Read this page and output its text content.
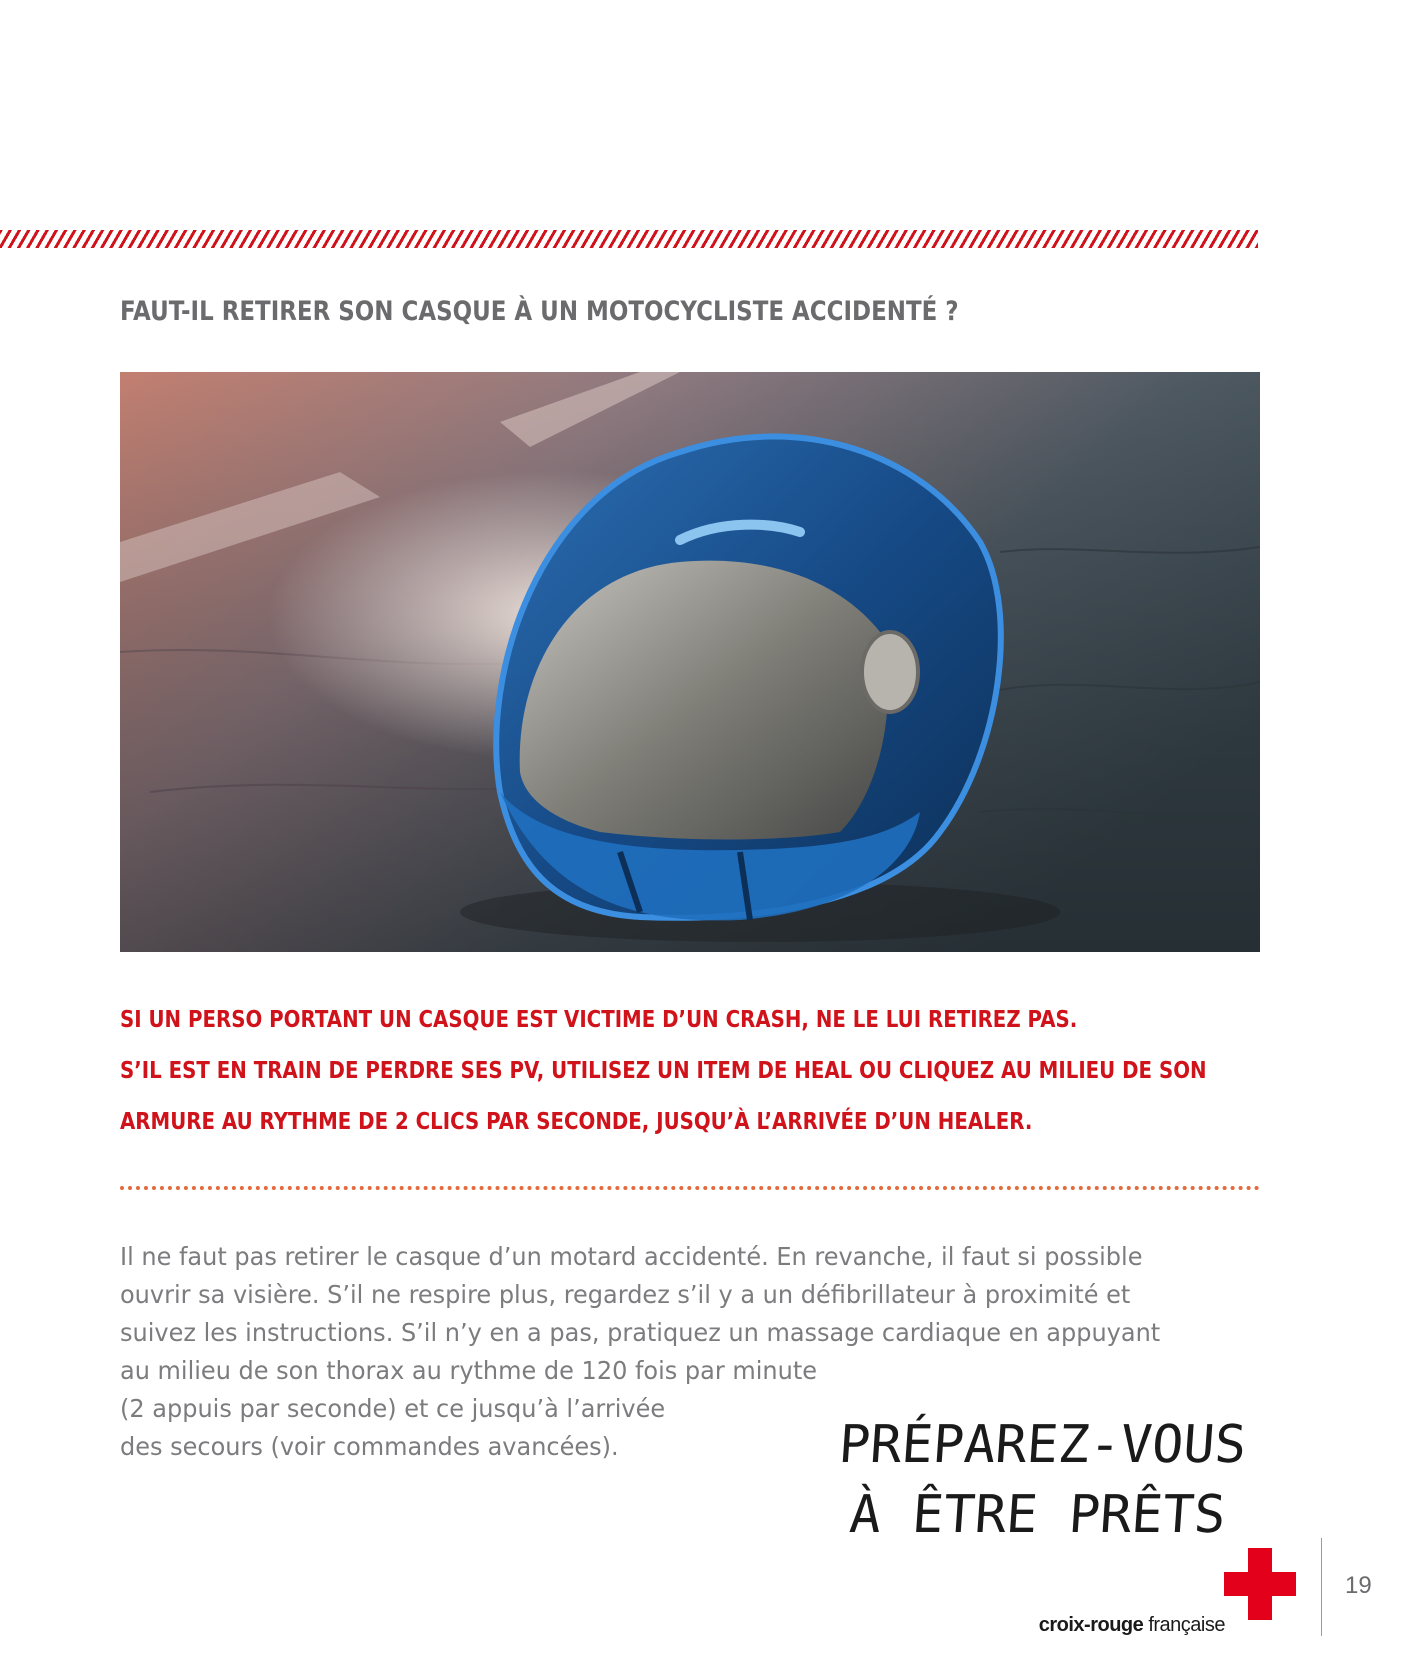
FAUT-IL RETIRER SON CASQUE À UN MOTOCYCLISTE ACCIDENTÉ ?
SI UN PERSO PORTANT UN CASQUE EST VICTIME D’UN CRASH, NE LE LUI RETIREZ PAS.
S’IL EST EN TRAIN DE PERDRE SES PV, UTILISEZ UN ITEM DE HEAL OU CLIQUEZ AU MILIEU DE SON
ARMURE AU RYTHME DE 2 CLICS PAR SECONDE, JUSQU’À L’ARRIVÉE D’UN HEALER.
Il ne faut pas retirer le casque d’un motard accidenté. En revanche, il faut si possible
ouvrir sa visière. S’il ne respire plus, regardez s’il y a un défibrillateur à proximité et
suivez les instructions. S’il n’y en a pas, pratiquez un massage cardiaque en appuyant
au milieu de son thorax au rythme de 120 fois par minute
(2 appuis par seconde) et ce jusqu’à l’arrivée
des secours (voir commandes avancées).	PRÉPAREZ-VOUS
À ÊTRE PRÊTS
croix-rouge française
19
